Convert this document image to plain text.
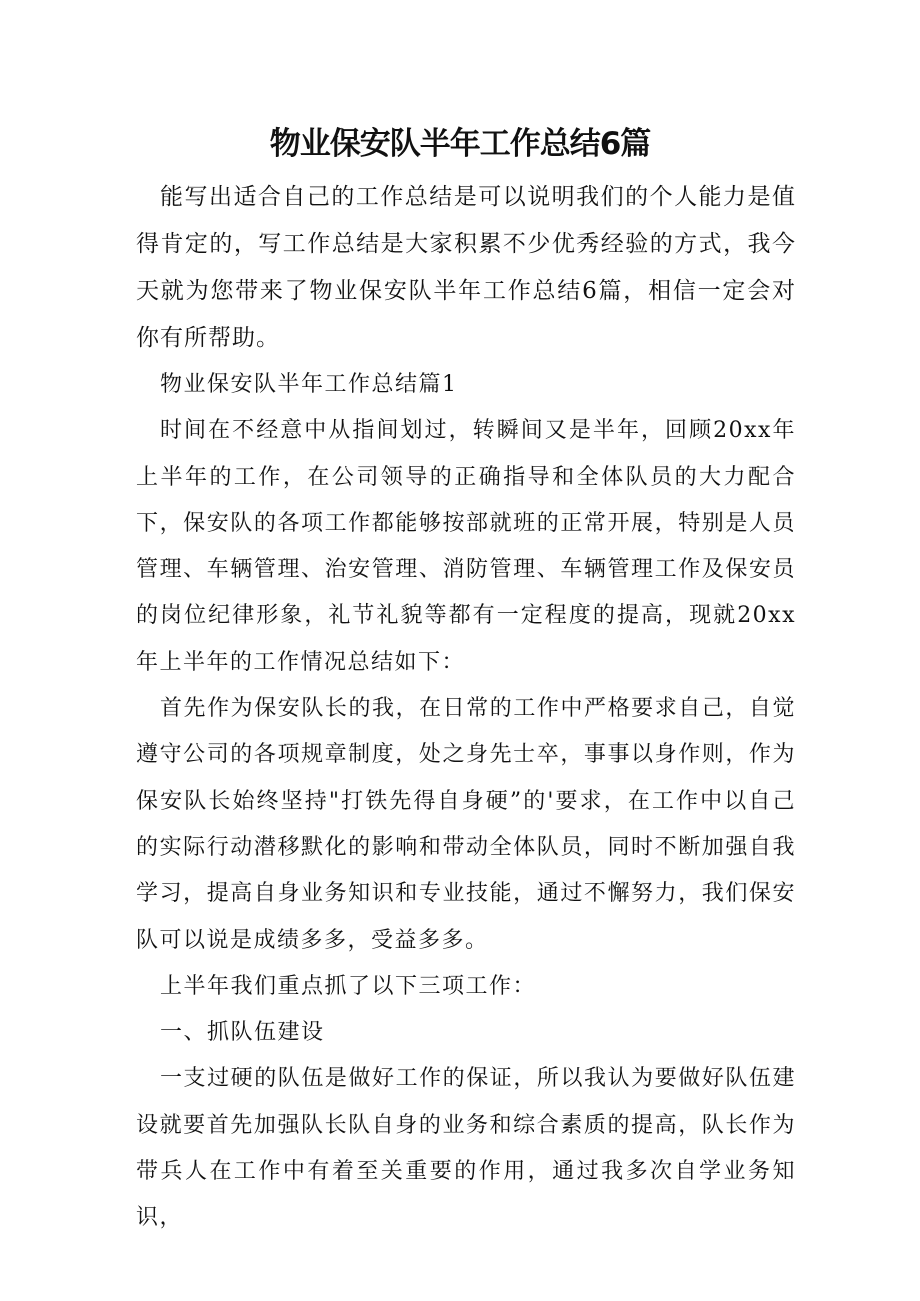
物业保安队半年工作总结6篇

能写出适合自己的工作总结是可以说明我们的个人能力是值得肯定的，写工作总结是大家积累不少优秀经验的方式，我今天就为您带来了物业保安队半年工作总结6篇，相信一定会对你有所帮助。

物业保安队半年工作总结篇1

时间在不经意中从指间划过，转瞬间又是半年，回顾20xx年上半年的工作，在公司领导的正确指导和全体队员的大力配合下，保安队的各项工作都能够按部就班的正常开展，特别是人员管理、车辆管理、治安管理、消防管理、车辆管理工作及保安员的岗位纪律形象，礼节礼貌等都有一定程度的提高，现就20xx年上半年的工作情况总结如下：

首先作为保安队长的我，在日常的工作中严格要求自己，自觉遵守公司的各项规章制度，处之身先士卒，事事以身作则，作为保安队长始终坚持"打铁先得自身硬”的'要求，在工作中以自己的实际行动潜移默化的影响和带动全体队员，同时不断加强自我学习，提高自身业务知识和专业技能，通过不懈努力，我们保安队可以说是成绩多多，受益多多。

上半年我们重点抓了以下三项工作：

一、抓队伍建设

一支过硬的队伍是做好工作的保证，所以我认为要做好队伍建设就要首先加强队长队自身的业务和综合素质的提高，队长作为带兵人在工作中有着至关重要的作用，通过我多次自学业务知识，
